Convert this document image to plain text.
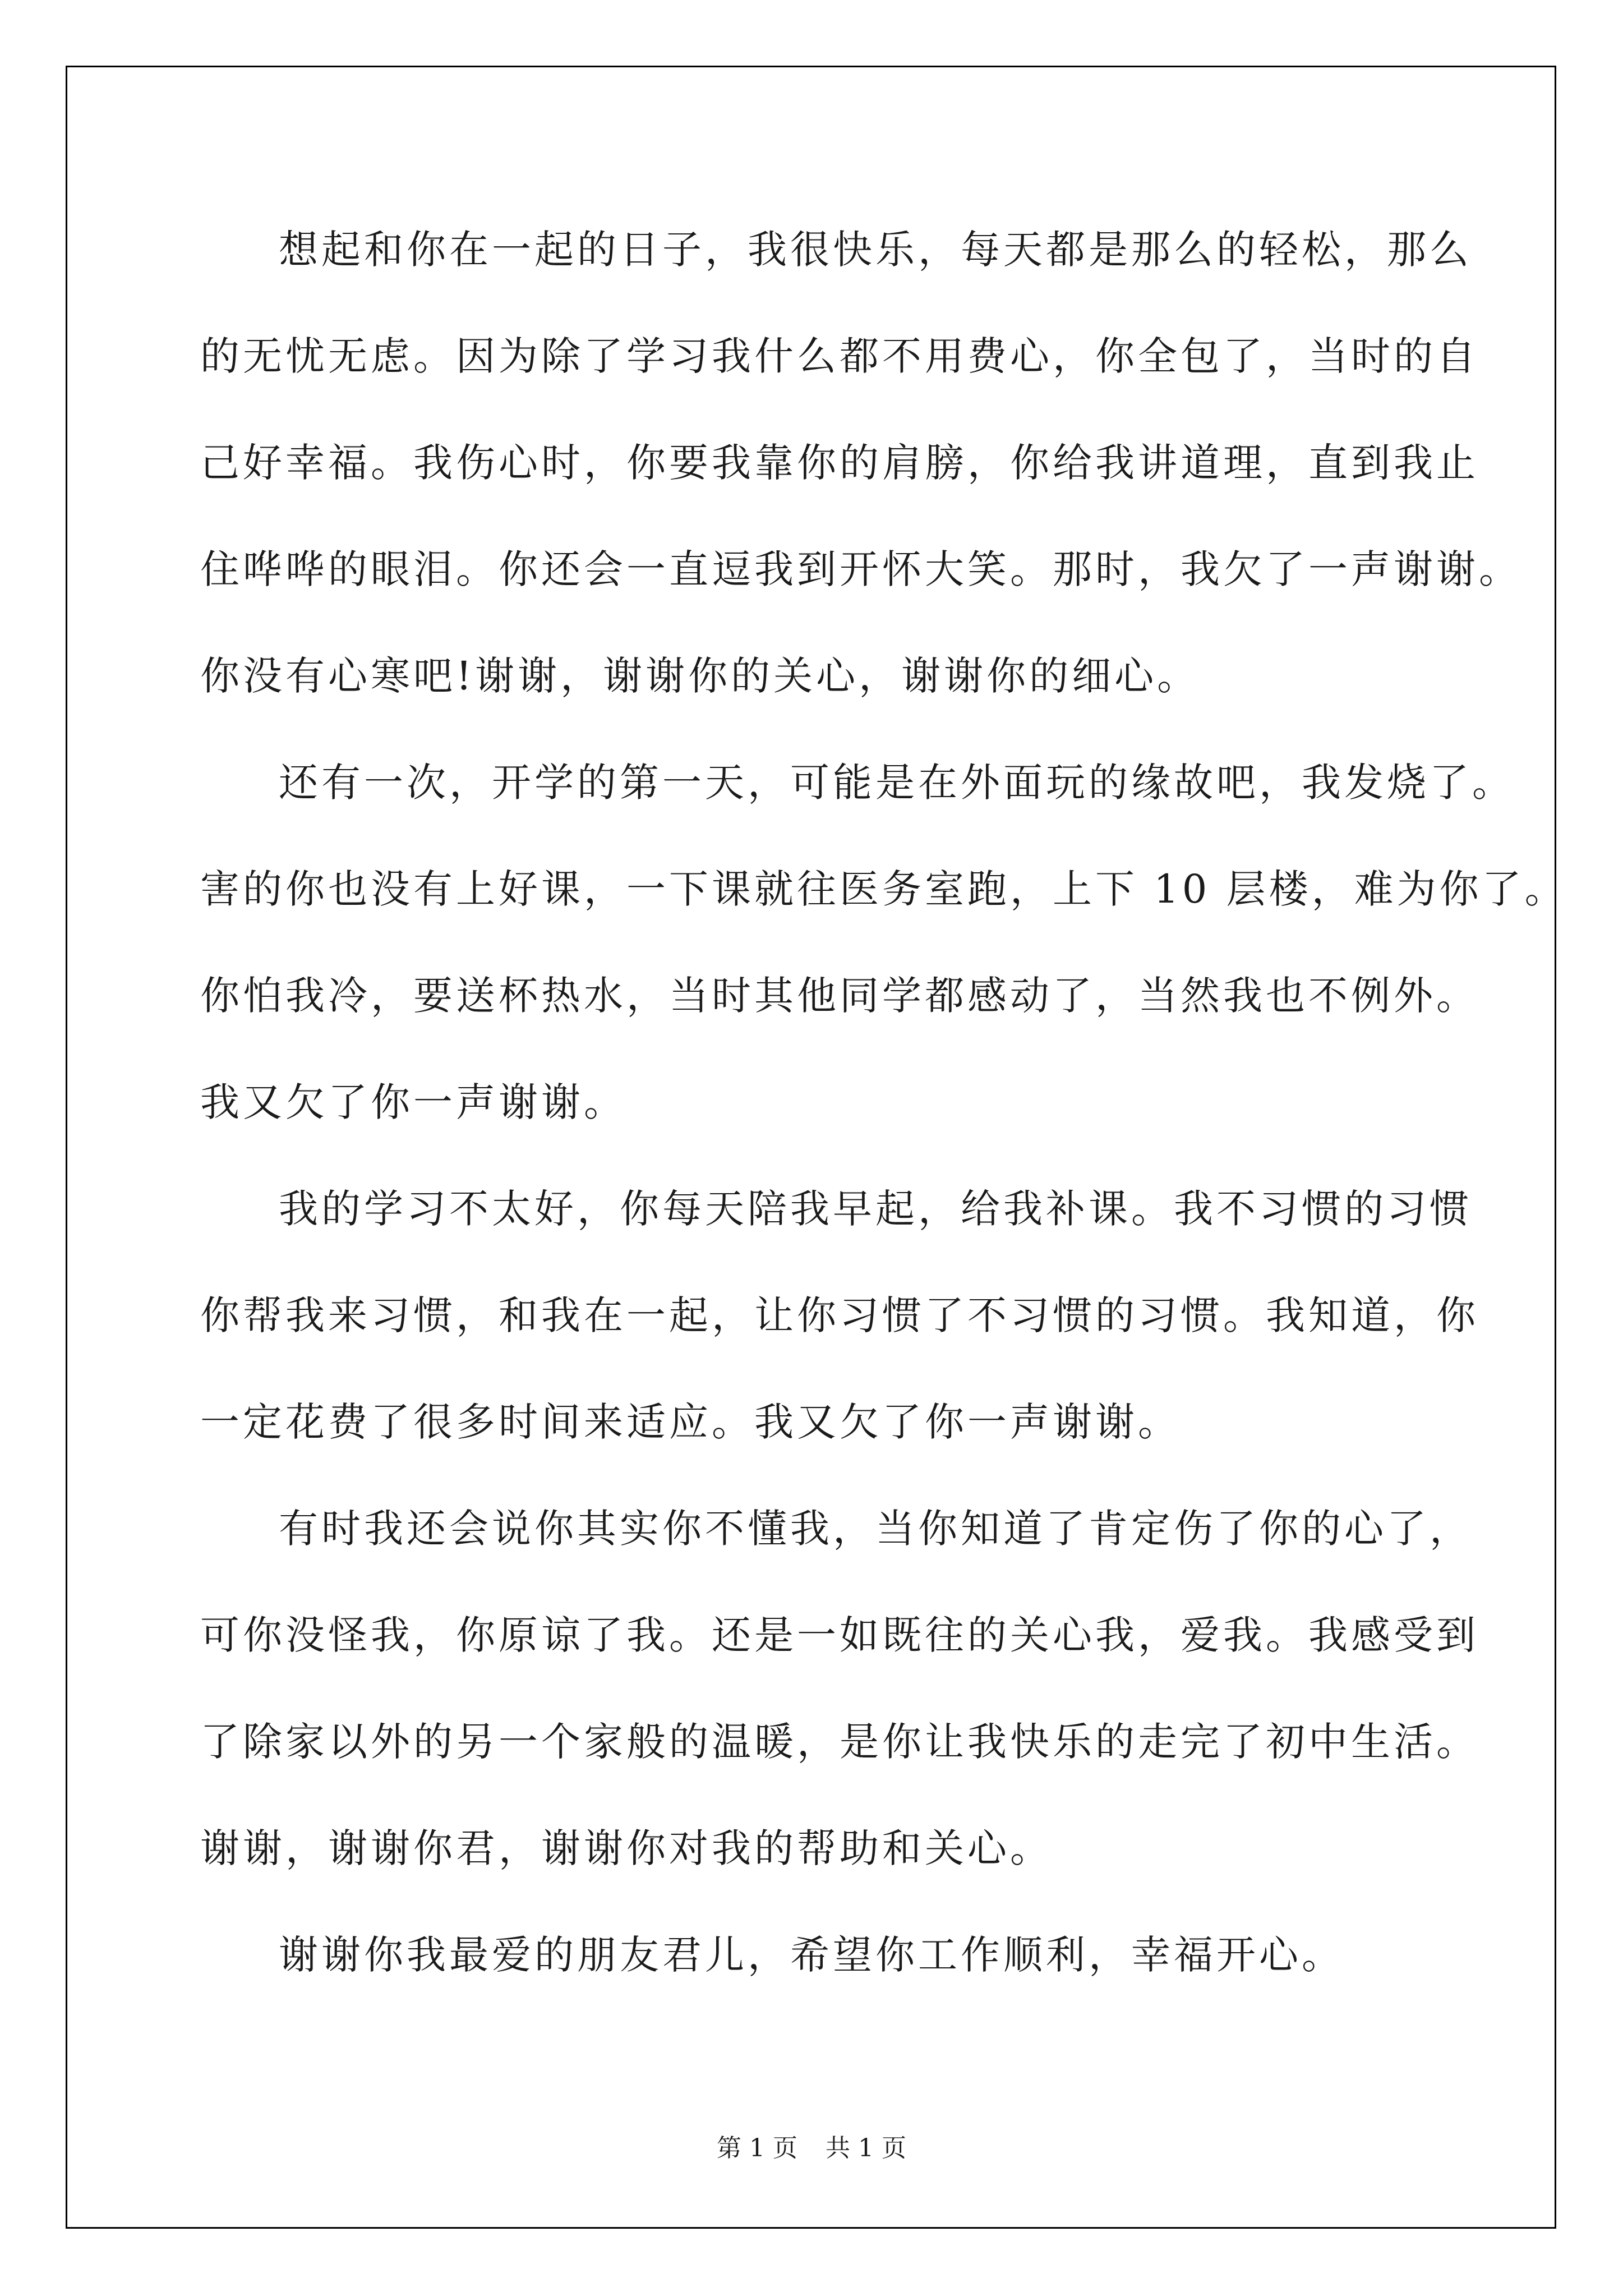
想起和你在一起的日子，我很快乐，每天都是那么的轻松，那么
的无忧无虑。因为除了学习我什么都不用费心，你全包了，当时的自
己好幸福。我伤心时，你要我靠你的肩膀，你给我讲道理，直到我止
住哗哗的眼泪。你还会一直逗我到开怀大笑。那时，我欠了一声谢谢。
你没有心寒吧!谢谢，谢谢你的关心，谢谢你的细心。
还有一次，开学的第一天，可能是在外面玩的缘故吧，我发烧了。
害的你也没有上好课，一下课就往医务室跑，上下 10 层楼，难为你了。
你怕我冷，要送杯热水，当时其他同学都感动了，当然我也不例外。
我又欠了你一声谢谢。
我的学习不太好，你每天陪我早起，给我补课。我不习惯的习惯
你帮我来习惯，和我在一起，让你习惯了不习惯的习惯。我知道，你
一定花费了很多时间来适应。我又欠了你一声谢谢。
有时我还会说你其实你不懂我，当你知道了肯定伤了你的心了，
可你没怪我，你原谅了我。还是一如既往的关心我，爱我。我感受到
了除家以外的另一个家般的温暖，是你让我快乐的走完了初中生活。
谢谢，谢谢你君，谢谢你对我的帮助和关心。
谢谢你我最爱的朋友君儿，希望你工作顺利，幸福开心。
第 1 页 共 1 页
